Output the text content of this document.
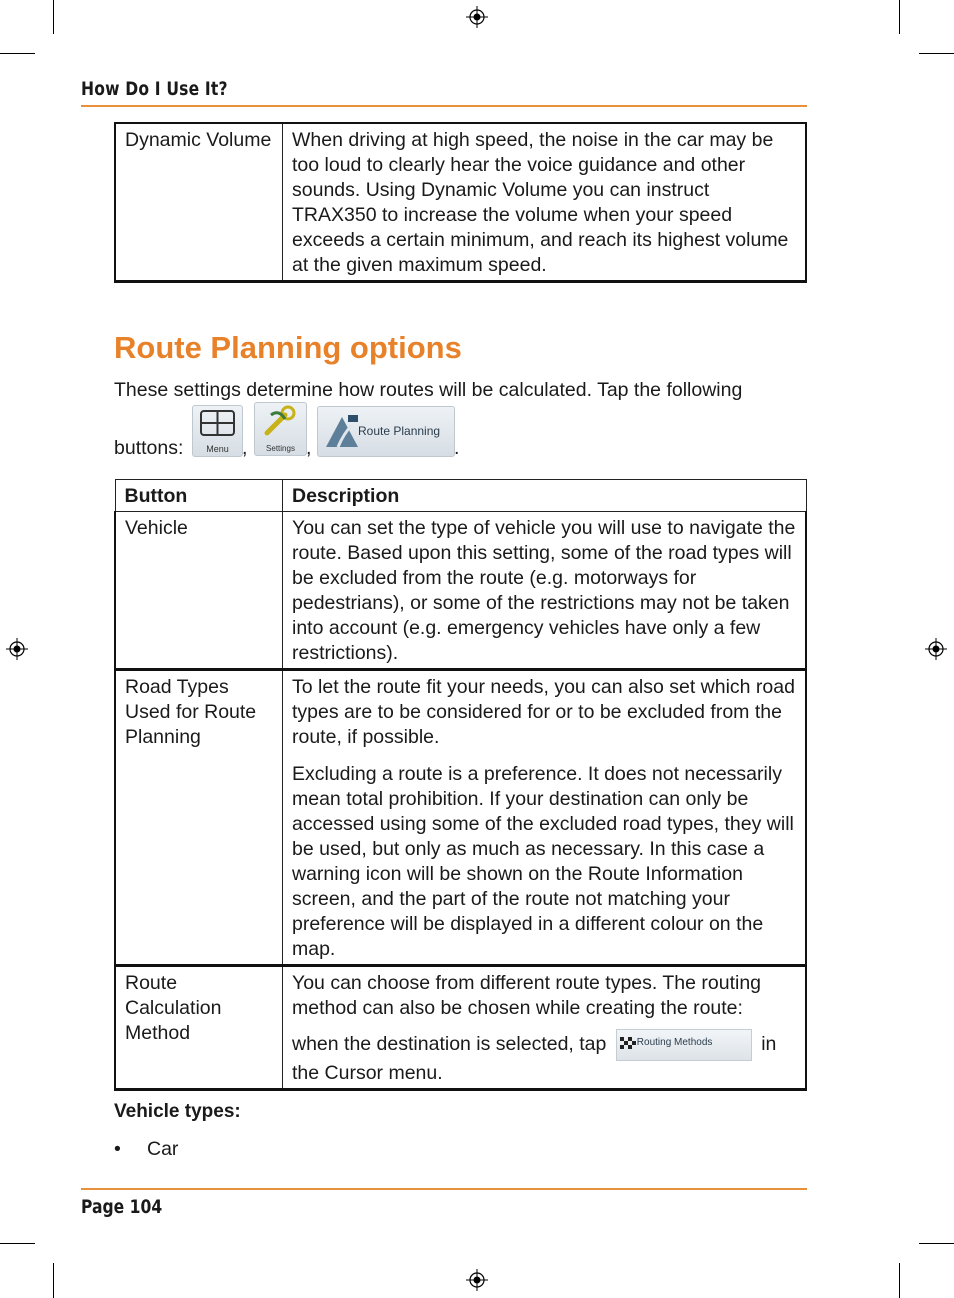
How Do I Use It?
Dynamic Volume	When driving at high speed, the noise in the car may be too loud to clearly hear the voice guidance and other sounds. Using Dynamic Volume you can instruct TRAX350 to increase the volume when your speed exceeds a certain minimum, and reach its highest volume at the given maximum speed.
Route Planning options
These settings determine how routes will be calculated. Tap the following
buttons:	Menu ,	Settings ,
Route Planning
.
Button	Description
Vehicle	You can set the type of vehicle you will use to navigate the route. Based upon this setting, some of the road types will be excluded from the route (e.g. motorways for pedestrians), or some of the restrictions may not be taken into account (e.g. emergency vehicles have only a few restrictions).
Road Types Used for Route Planning	To let the route fit your needs, you can also set which road types are to be considered for or to be excluded from the route, if possible.

Excluding a route is a preference. It does not necessarily mean total prohibition. If your destination can only be accessed using some of the excluded road types, they will be used, but only as much as necessary. In this case a warning icon will be shown on the Route Information screen, and the part of the route not matching your preference will be displayed in a different colour on the map.

Route Calculation Method	You can choose from different route types. The routing method can also be chosen while creating the route:

when the destination is selected, tap Routing Methods in the Cursor menu.
Vehicle types:
• Car
Page 104
